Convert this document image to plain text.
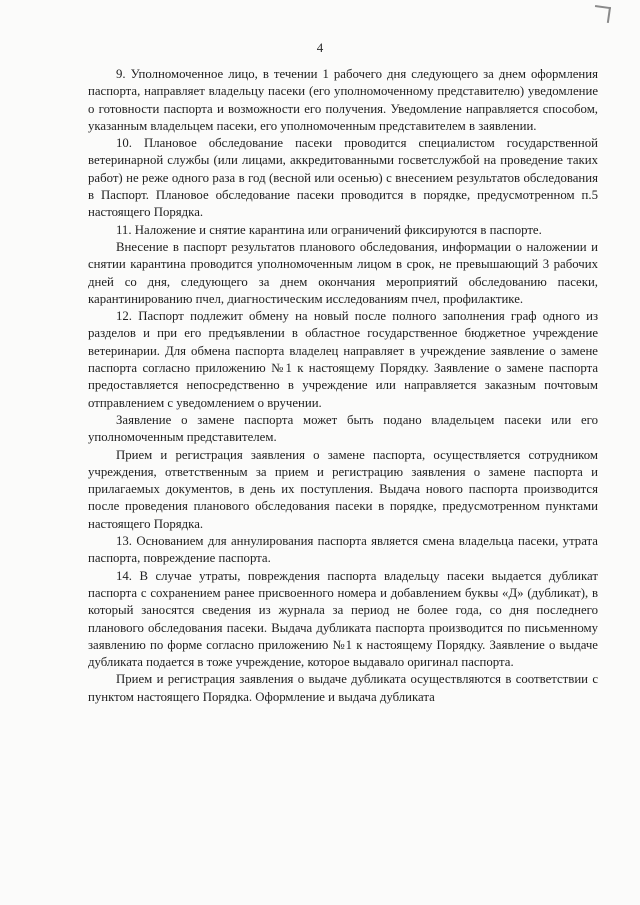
4

9. Уполномоченное лицо, в течении 1 рабочего дня следующего за днем оформления паспорта, направляет владельцу пасеки (его уполномоченному представителю) уведомление о готовности паспорта и возможности его получения. Уведомление направляется способом, указанным владельцем пасеки, его уполномоченным представителем в заявлении.

10. Плановое обследование пасеки проводится специалистом государственной ветеринарной службы (или лицами, аккредитованными госветслужбой на проведение таких работ) не реже одного раза в год (весной или осенью) с внесением результатов обследования в Паспорт. Плановое обследование пасеки проводится в порядке, предусмотренном п.5 настоящего Порядка.

11. Наложение и снятие карантина или ограничений фиксируются в паспорте.

Внесение в паспорт результатов планового обследования, информации о наложении и снятии карантина проводится уполномоченным лицом в срок, не превышающий 3 рабочих дней со дня, следующего за днем окончания мероприятий обследованию пасеки, карантинированию пчел, диагностическим исследованиям пчел, профилактике.

12. Паспорт подлежит обмену на новый после полного заполнения граф одного из разделов и при его предъявлении в областное государственное бюджетное учреждение ветеринарии. Для обмена паспорта владелец направляет в учреждение заявление о замене паспорта согласно приложению №1 к настоящему Порядку. Заявление о замене паспорта предоставляется непосредственно в учреждение или направляется заказным почтовым отправлением с уведомлением о вручении.

Заявление о замене паспорта может быть подано владельцем пасеки или его уполномоченным представителем.

Прием и регистрация заявления о замене паспорта, осуществляется сотрудником учреждения, ответственным за прием и регистрацию заявления о замене паспорта и прилагаемых документов, в день их поступления. Выдача нового паспорта производится после проведения планового обследования пасеки в порядке, предусмотренном пунктами настоящего Порядка.

13. Основанием для аннулирования паспорта является смена владельца пасеки, утрата паспорта, повреждение паспорта.

14. В случае утраты, повреждения паспорта владельцу пасеки выдается дубликат паспорта с сохранением ранее присвоенного номера и добавлением буквы «Д» (дубликат), в который заносятся сведения из журнала за период не более года, со дня последнего планового обследования пасеки. Выдача дубликата паспорта производится по письменному заявлению по форме согласно приложению №1 к настоящему Порядку. Заявление о выдаче дубликата подается в тоже учреждение, которое выдавало оригинал паспорта.

Прием и регистрация заявления о выдаче дубликата осуществляются в соответствии с пунктом настоящего Порядка. Оформление и выдача дубликата
